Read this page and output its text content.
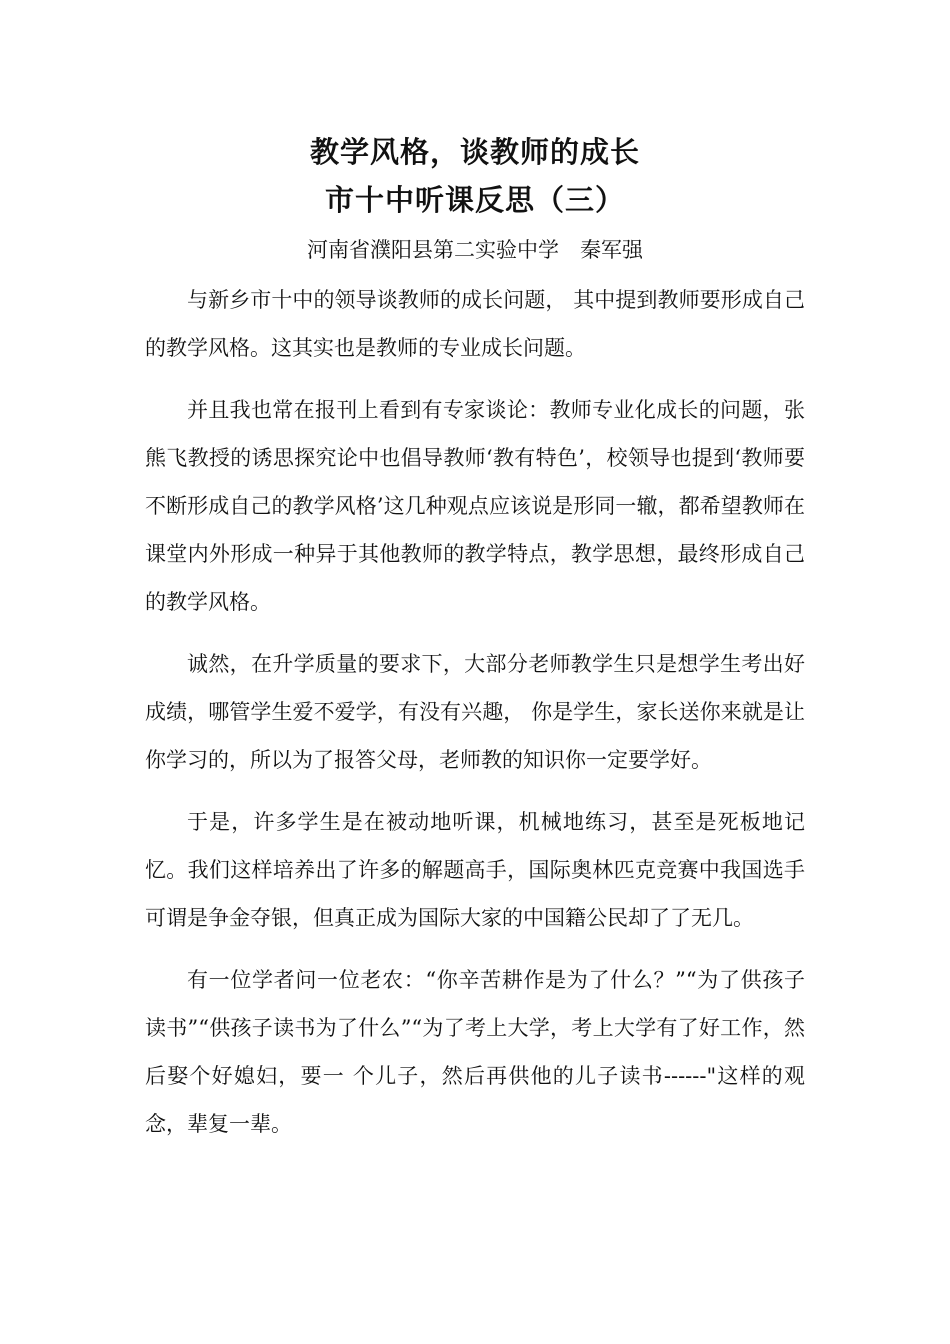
教学风格，谈教师的成长
市十中听课反思（三）
河南省濮阳县第二实验中学　秦军强

与新乡市十中的领导谈教师的成长问题， 其中提到教师要形成自己的教学风格。这其实也是教师的专业成长问题。

并且我也常在报刊上看到有专家谈论：教师专业化成长的问题，张熊飞教授的诱思探究论中也倡导教师‘教有特色’，校领导也提到‘教师要不断形成自己的教学风格’这几种观点应该说是形同一辙，都希望教师在课堂内外形成一种异于其他教师的教学特点，教学思想，最终形成自己的教学风格。

诚然，在升学质量的要求下，大部分老师教学生只是想学生考出好成绩，哪管学生爱不爱学，有没有兴趣， 你是学生，家长送你来就是让你学习的，所以为了报答父母，老师教的知识你一定要学好。

于是，许多学生是在被动地听课，机械地练习，甚至是死板地记忆。我们这样培养出了许多的解题高手，国际奥林匹克竞赛中我国选手可谓是争金夺银，但真正成为国际大家的中国籍公民却了了无几。

有一位学者问一位老农：“你辛苦耕作是为了什么？”“为了供孩子读书”“供孩子读书为了什么”“为了考上大学，考上大学有了好工作，然后娶个好媳妇，要一 个儿子，然后再供他的儿子读书------"这样的观念，辈复一辈。
